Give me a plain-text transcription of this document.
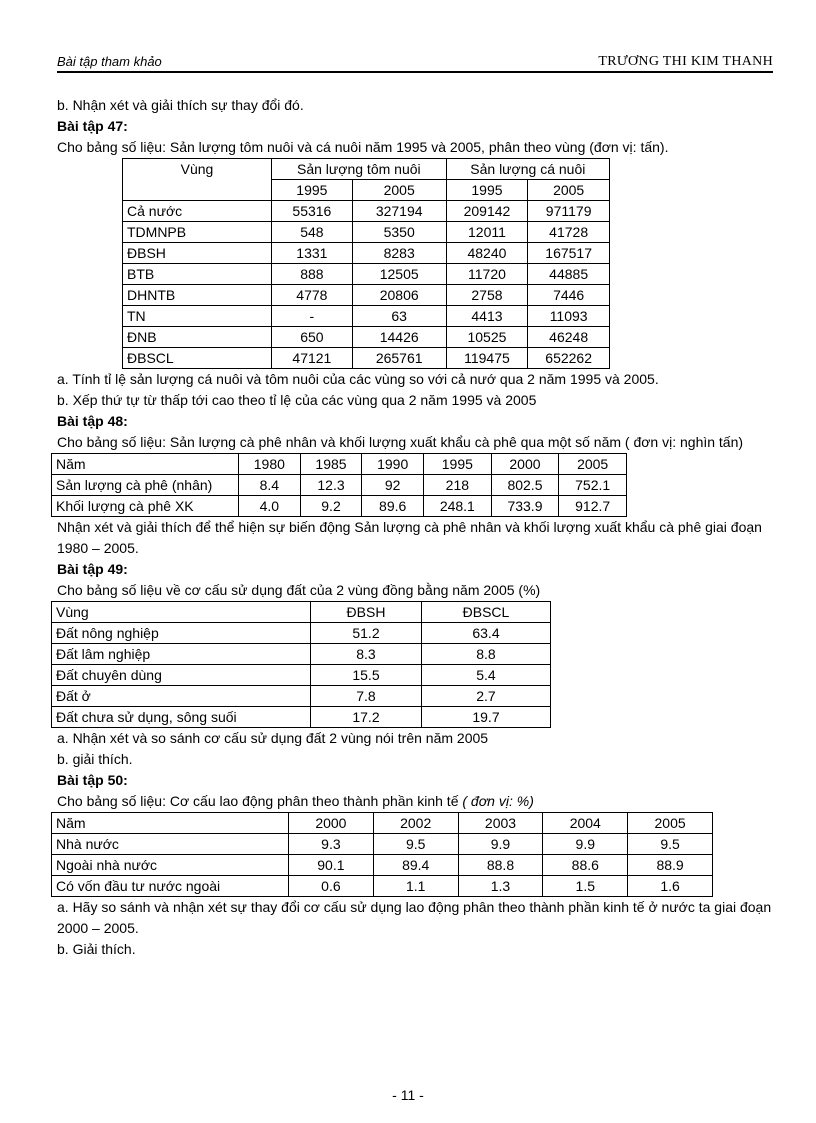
Bài tập tham khảo	TRƯƠNG THI KIM THANH

b. Nhận xét và giải thích sự thay đổi đó.

Bài tập 47:

Cho bảng số liệu: Sản lượng tôm nuôi và cá nuôi năm 1995 và 2005, phân theo vùng (đơn vị: tấn).

Vùng	Sản lượng tôm nuôi		Sản lượng cá nuôi	
	1995	2005	1995	2005
Cả nước	55316	327194	209142	971179
TDMNPB	548	5350	12011	41728
ĐBSH	1331	8283	48240	167517
BTB	888	12505	11720	44885
DHNTB	4778	20806	2758	7446
TN	-	63	4413	11093
ĐNB	650	14426	10525	46248
ĐBSCL	47121	265761	119475	652262

a. Tính tỉ lệ sản lượng cá nuôi và tôm nuôi của các vùng so với cả nướ qua 2 năm 1995 và 2005.

b. Xếp thứ tự từ thấp tới cao theo tỉ lệ của các vùng qua 2 năm 1995 và 2005

Bài tập 48:

Cho bảng số liệu: Sản lượng cà phê nhân và khối lượng xuất khẩu cà phê qua một số năm ( đơn vị: nghìn tấn)

Năm	1980	1985	1990	1995	2000	2005
Sản lượng cà phê (nhân)	8.4	12.3	92	218	802.5	752.1
Khối lượng cà phê XK	4.0	9.2	89.6	248.1	733.9	912.7

Nhận xét và giải thích để thể hiện sự biến động Sản lượng cà phê nhân và khối lượng xuất khẩu cà phê giai đoạn 1980 – 2005.

Bài tập 49:

Cho bảng số liệu về cơ cấu sử dụng đất của 2 vùng đồng bằng năm 2005 (%)

Vùng	ĐBSH	ĐBSCL
Đất nông nghiệp	51.2	63.4
Đất lâm nghiệp	8.3	8.8
Đất chuyên dùng	15.5	5.4
Đất ở	7.8	2.7
Đất chưa sử dụng, sông suối	17.2	19.7

a. Nhận xét và so sánh cơ cấu sử dụng đất 2 vùng nói trên năm 2005

b. giải thích.

Bài tập 50:

Cho bảng số liệu: Cơ cấu lao động phân theo thành phần kinh tế ( đơn vị: %)

Năm	2000	2002	2003	2004	2005
Nhà nước	9.3	9.5	9.9	9.9	9.5
Ngoài nhà nước	90.1	89.4	88.8	88.6	88.9
Có vốn đầu tư nước ngoài	0.6	1.1	1.3	1.5	1.6

a. Hãy so sánh và nhận xét sự thay đổi cơ cấu sử dụng lao động phân theo thành phần kinh tế ở nước ta giai đoạn 2000 – 2005.

b. Giải thích.

- 11 -
